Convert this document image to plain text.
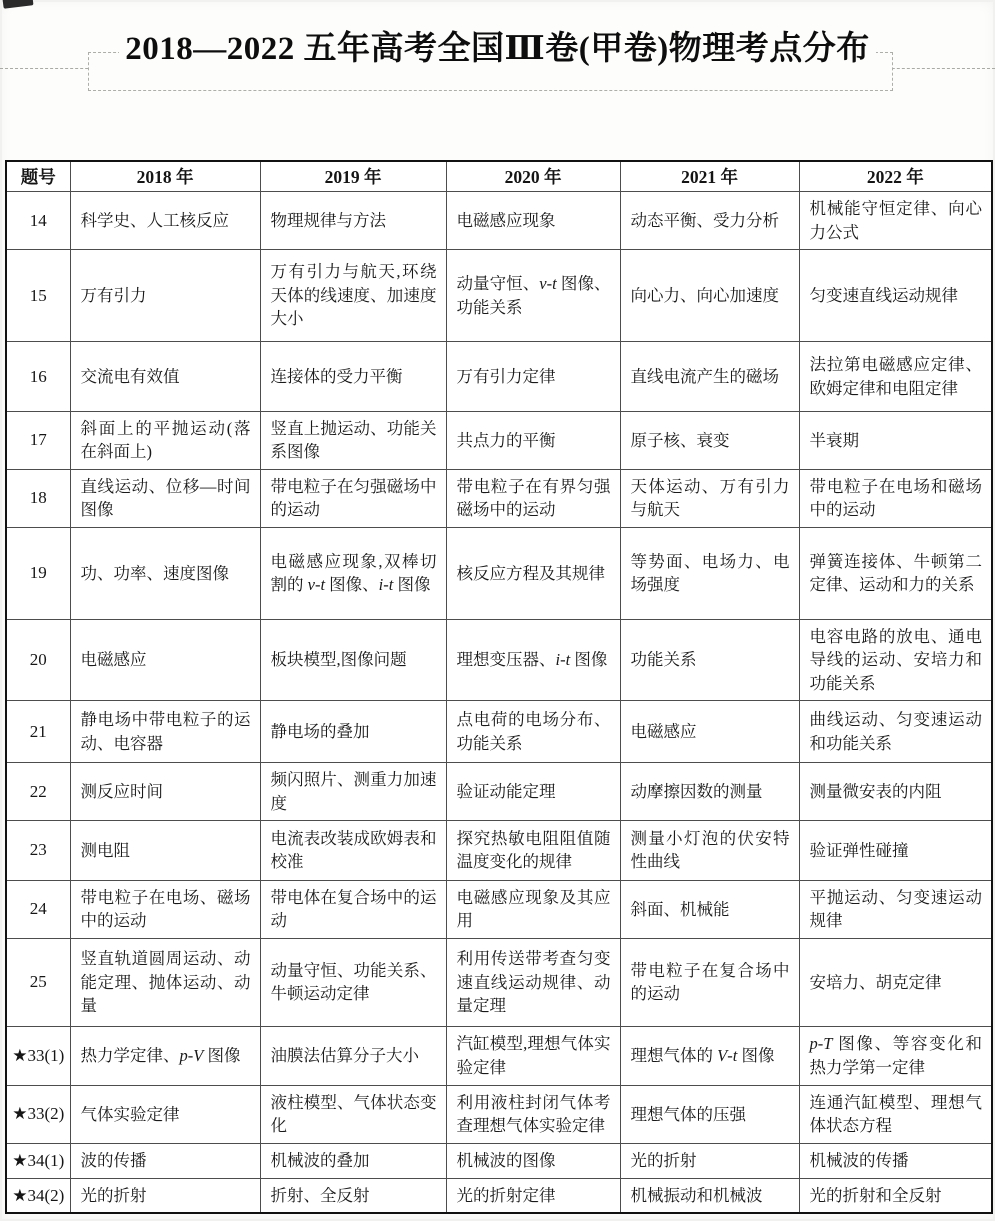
2018—2022 五年高考全国Ⅲ卷(甲卷)物理考点分布
题号	2018 年	2019 年	2020 年	2021 年	2022 年
14	科学史、人工核反应	物理规律与方法	电磁感应现象	动态平衡、受力分析	机械能守恒定律、向心力公式
15	万有引力	万有引力与航天,环绕天体的线速度、加速度大小	动量守恒、v-t 图像、功能关系	向心力、向心加速度	匀变速直线运动规律
16	交流电有效值	连接体的受力平衡	万有引力定律	直线电流产生的磁场	法拉第电磁感应定律、欧姆定律和电阻定律
17	斜面上的平抛运动(落在斜面上)	竖直上抛运动、功能关系图像	共点力的平衡	原子核、衰变	半衰期
18	直线运动、位移—时间图像	带电粒子在匀强磁场中的运动	带电粒子在有界匀强磁场中的运动	天体运动、万有引力与航天	带电粒子在电场和磁场中的运动
19	功、功率、速度图像	电磁感应现象,双棒切割的 v-t 图像、i-t 图像	核反应方程及其规律	等势面、电场力、电场强度	弹簧连接体、牛顿第二定律、运动和力的关系
20	电磁感应	板块模型,图像问题	理想变压器、i-t 图像	功能关系	电容电路的放电、通电导线的运动、安培力和功能关系
21	静电场中带电粒子的运动、电容器	静电场的叠加	点电荷的电场分布、功能关系	电磁感应	曲线运动、匀变速运动和功能关系
22	测反应时间	频闪照片、测重力加速度	验证动能定理	动摩擦因数的测量	测量微安表的内阻
23	测电阻	电流表改装成欧姆表和校准	探究热敏电阻阻值随温度变化的规律	测量小灯泡的伏安特性曲线	验证弹性碰撞
24	带电粒子在电场、磁场中的运动	带电体在复合场中的运动	电磁感应现象及其应用	斜面、机械能	平抛运动、匀变速运动规律
25	竖直轨道圆周运动、动能定理、抛体运动、动量	动量守恒、功能关系、牛顿运动定律	利用传送带考查匀变速直线运动规律、动量定理	带电粒子在复合场中的运动	安培力、胡克定律
★33(1)	热力学定律、p-V 图像	油膜法估算分子大小	汽缸模型,理想气体实验定律	理想气体的 V-t 图像	p-T 图像、等容变化和热力学第一定律
★33(2)	气体实验定律	液柱模型、气体状态变化	利用液柱封闭气体考查理想气体实验定律	理想气体的压强	连通汽缸模型、理想气体状态方程
★34(1)	波的传播	机械波的叠加	机械波的图像	光的折射	机械波的传播
★34(2)	光的折射	折射、全反射	光的折射定律	机械振动和机械波	光的折射和全反射
